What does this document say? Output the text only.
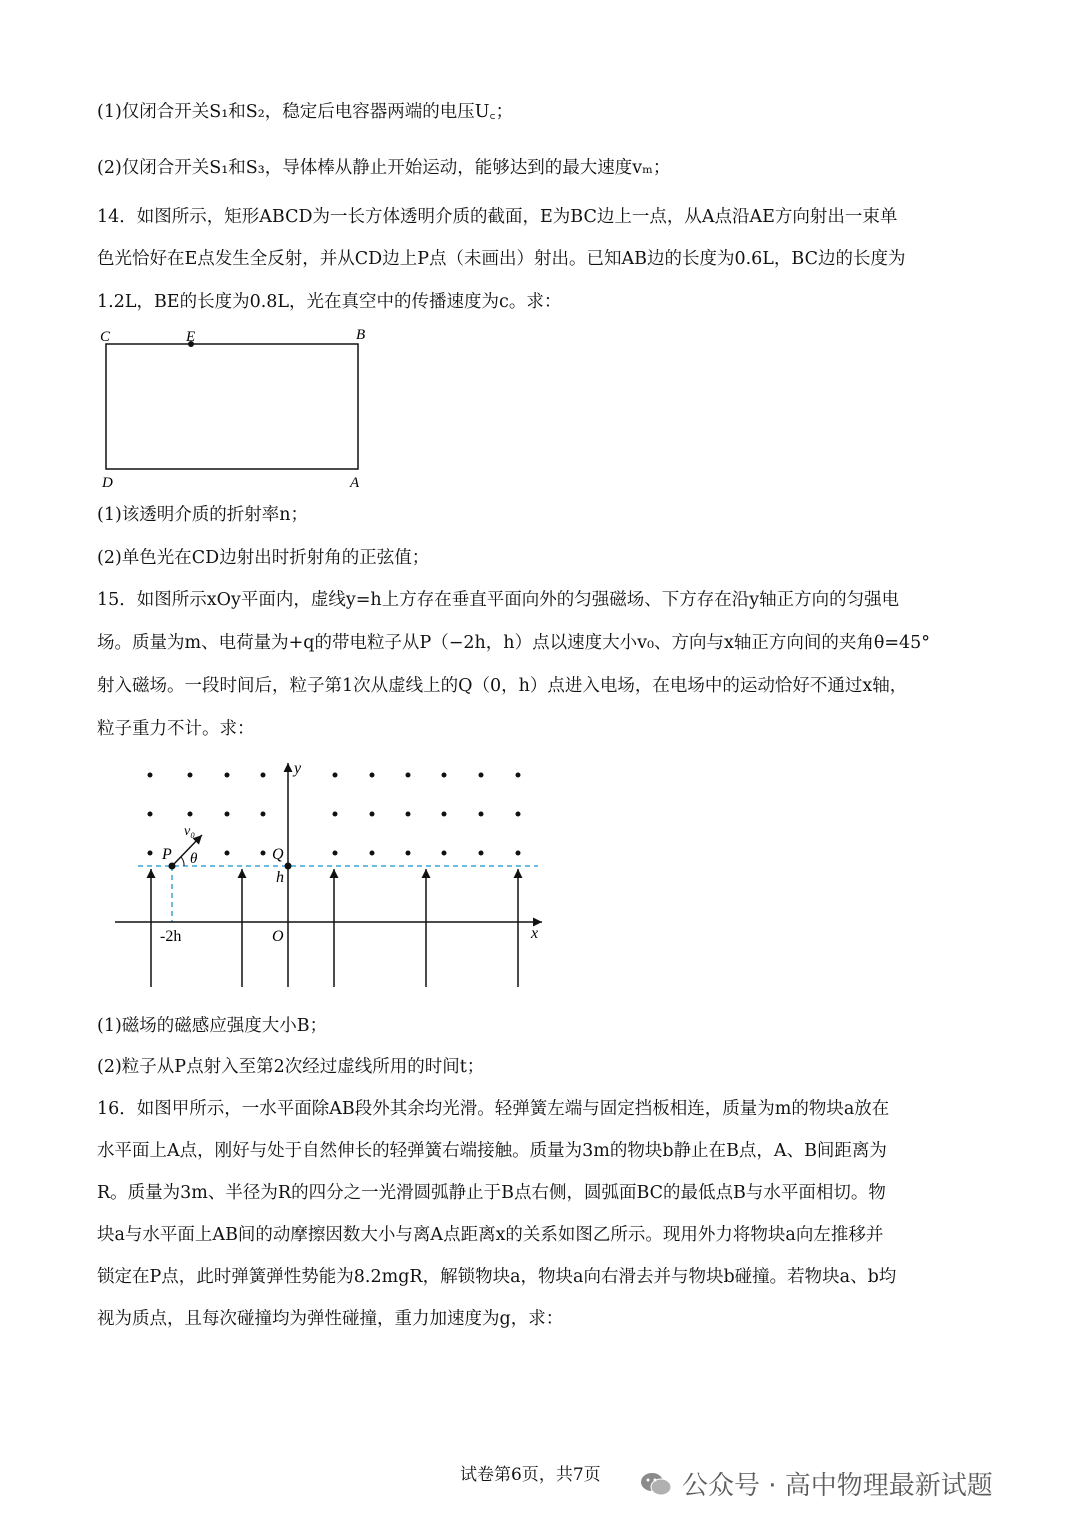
(1)仅闭合开关S₁和S₂，稳定后电容器两端的电压U꜀；
(2)仅闭合开关S₁和S₃，导体棒从静止开始运动，能够达到的最大速度vₘ；
14．如图所示，矩形ABCD为一长方体透明介质的截面，E为BC边上一点，从A点沿AE方向射出一束单
色光恰好在E点发生全反射，并从CD边上P点（未画出）射出。已知AB边的长度为0.6L，BC边的长度为
1.2L，BE的长度为0.8L，光在真空中的传播速度为c。求：
C	E	B
D	A
(1)该透明介质的折射率n；
(2)单色光在CD边射出时折射角的正弦值；
15．如图所示xOy平面内，虚线y=h上方存在垂直平面向外的匀强磁场、下方存在沿y轴正方向的匀强电
场。质量为m、电荷量为+q的带电粒子从P（−2h，h）点以速度大小v₀、方向与x轴正方向间的夹角θ=45°
射入磁场。一段时间后，粒子第1次从虚线上的Q（0，h）点进入电场，在电场中的运动恰好不通过x轴，
粒子重力不计。求：
y
x
O
P	Q
h
-2h
v₀
θ
(1)磁场的磁感应强度大小B；
(2)粒子从P点射入至第2次经过虚线所用的时间t；
16．如图甲所示，一水平面除AB段外其余均光滑。轻弹簧左端与固定挡板相连，质量为m的物块a放在
水平面上A点，刚好与处于自然伸长的轻弹簧右端接触。质量为3m的物块b静止在B点，A、B间距离为
R。质量为3m、半径为R的四分之一光滑圆弧静止于B点右侧，圆弧面BC的最低点B与水平面相切。物
块a与水平面上AB间的动摩擦因数大小与离A点距离x的关系如图乙所示。现用外力将物块a向左推移并
锁定在P点，此时弹簧弹性势能为8.2mgR，解锁物块a，物块a向右滑去并与物块b碰撞。若物块a、b均
视为质点，且每次碰撞均为弹性碰撞，重力加速度为g，求：
试卷第6页，共7页	公众号 · 高中物理最新试题
